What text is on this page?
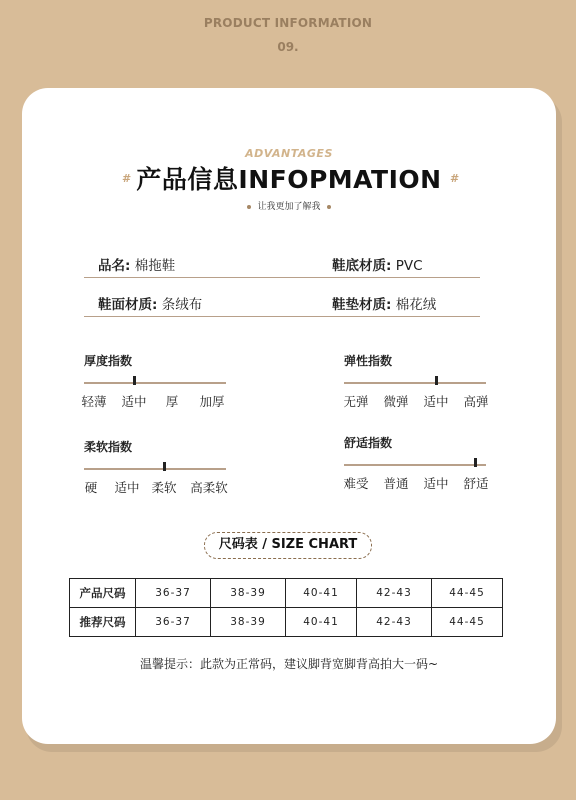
PRODUCT INFORMATION
09.
ADVANTAGES
# 产品信息INFOPMATION #
让我更加了解我
品名: 棉拖鞋	鞋底材质: PVC
鞋面材质: 条绒布	鞋垫材质: 棉花绒
厚度指数
轻薄 适中 厚 加厚
弹性指数
无弹 微弹 适中 高弹
柔软指数
硬 适中 柔软 高柔软
舒适指数
难受 普通 适中 舒适
尺码表 / SIZE CHART
产品尺码	36-37	38-39	40-41	42-43	44-45
推荐尺码	36-37	38-39	40-41	42-43	44-45
温馨提示：此款为正常码，建议脚背宽脚背高拍大一码~
